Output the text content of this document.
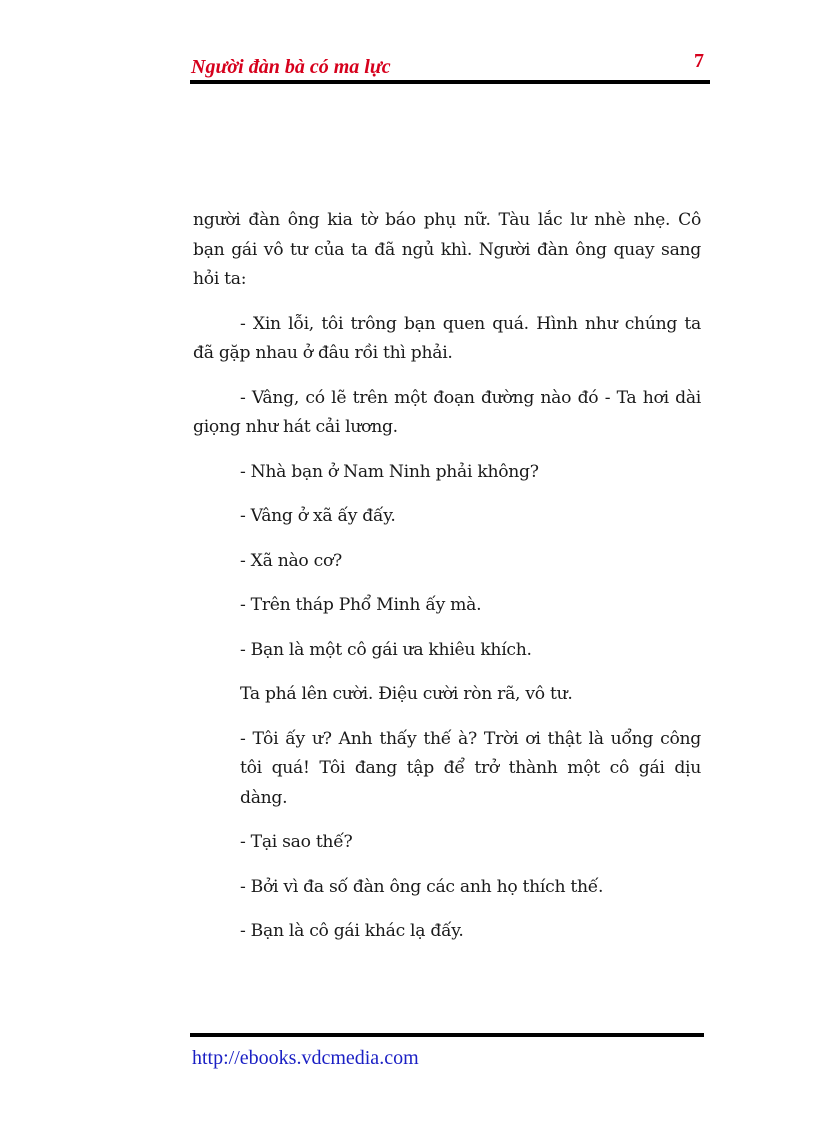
Người đàn bà có ma lực	7

người đàn ông kia tờ báo phụ nữ. Tàu lắc lư nhè nhẹ. Cô bạn gái vô tư của ta đã ngủ khì. Người đàn ông quay sang hỏi ta:

- Xin lỗi, tôi trông bạn quen quá. Hình như chúng ta đã gặp nhau ở đâu rồi thì phải.

- Vâng, có lẽ trên một đoạn đường nào đó - Ta hơi dài giọng như hát cải lương.

- Nhà bạn ở Nam Ninh phải không?

- Vâng ở xã ấy đấy.

- Xã nào cơ?

- Trên tháp Phổ Minh ấy mà.

- Bạn là một cô gái ưa khiêu khích.

Ta phá lên cười. Điệu cười ròn rã, vô tư.

- Tôi ấy ư? Anh thấy thế à? Trời ơi thật là uổng công tôi quá! Tôi đang tập để trở thành một cô gái dịu dàng.

- Tại sao thế?

- Bởi vì đa số đàn ông các anh họ thích thế.

- Bạn là cô gái khác lạ đấy.

http://ebooks.vdcmedia.com
